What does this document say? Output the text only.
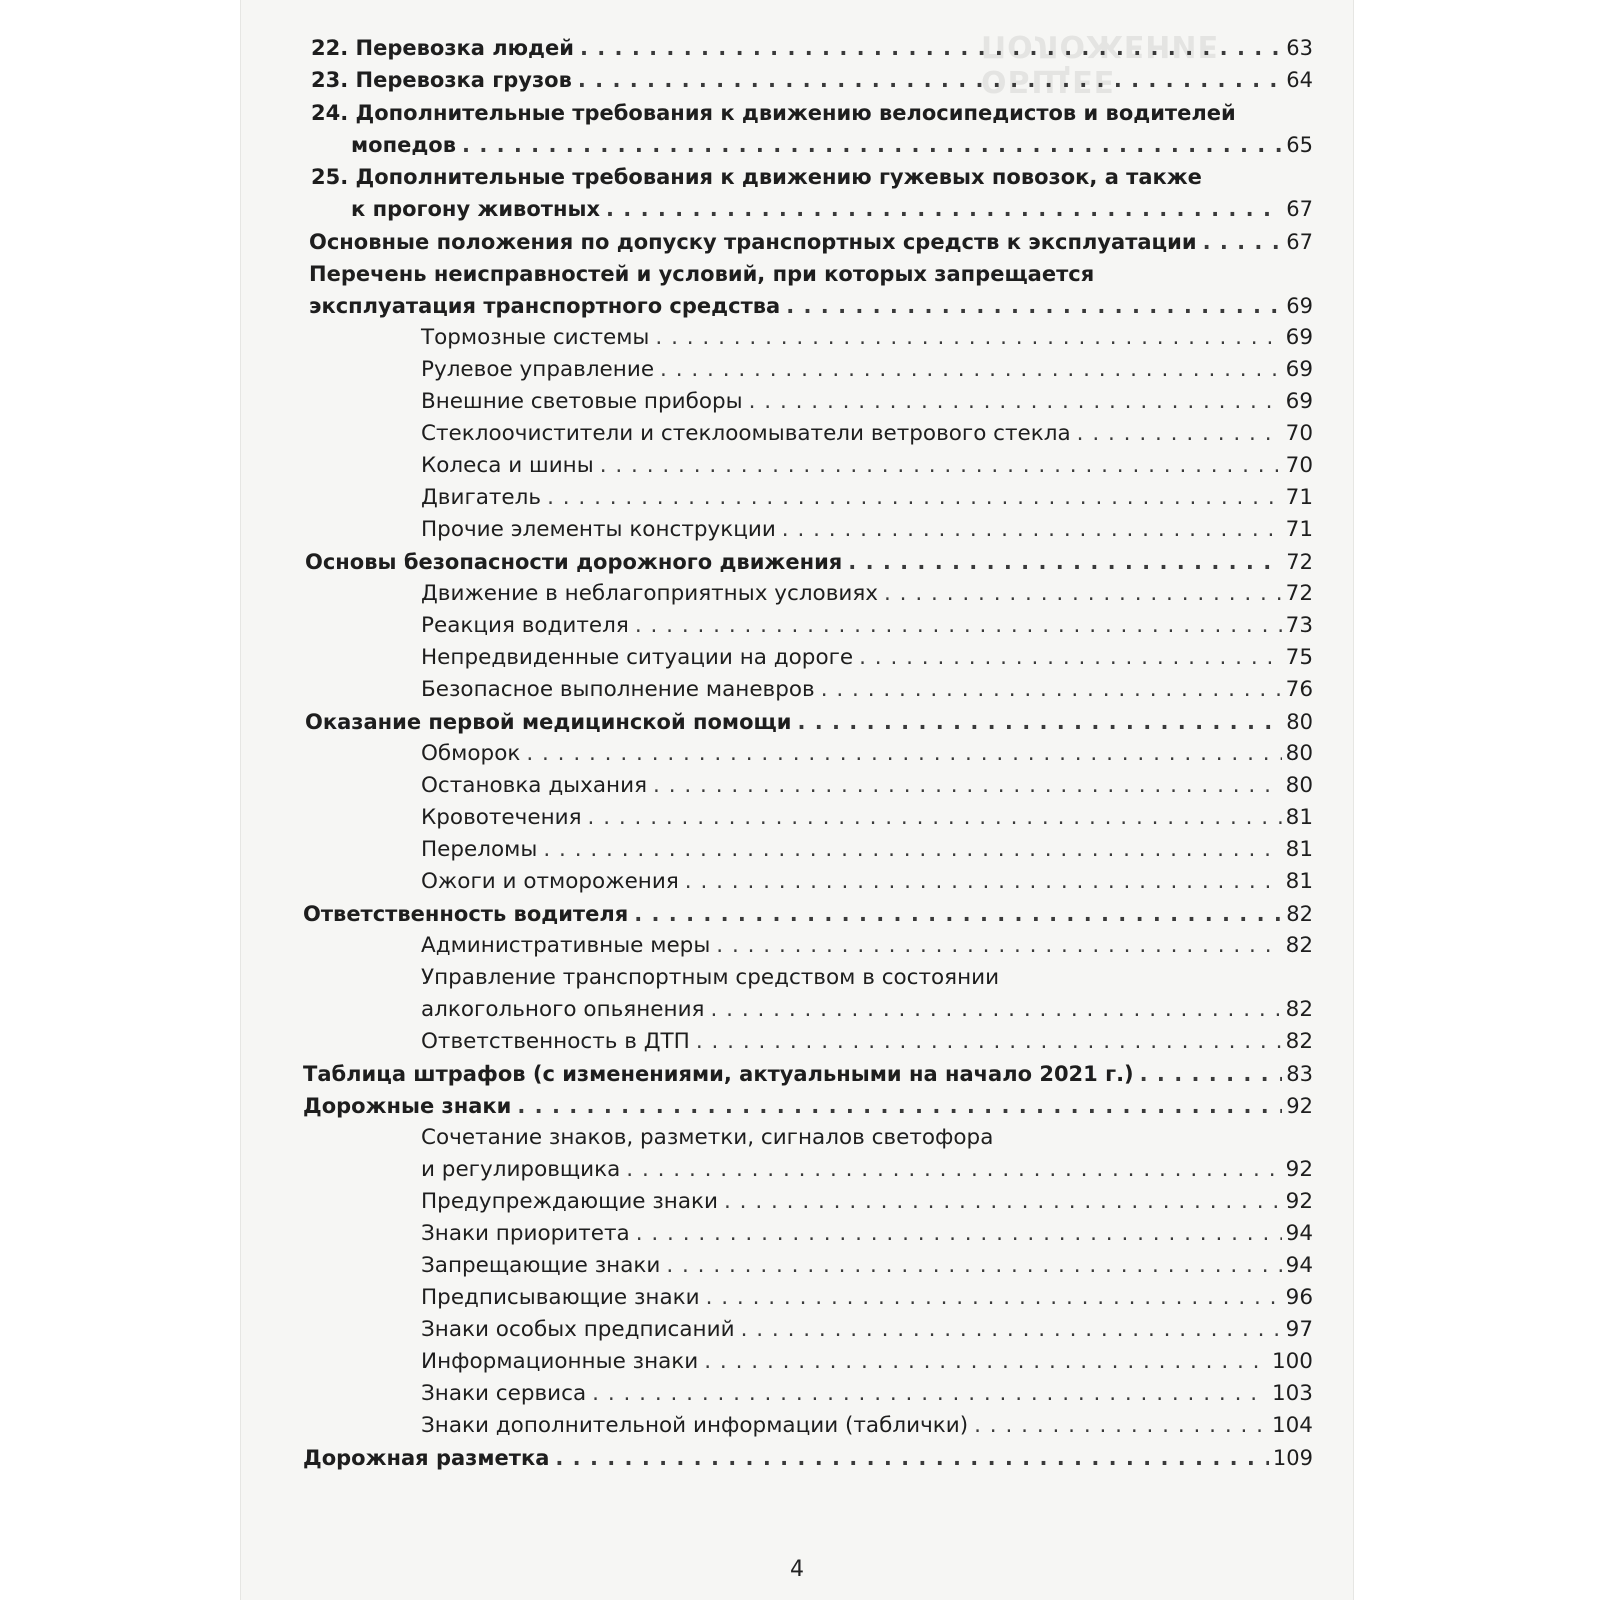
ОБЩЕЕ ПОЛОЖЕНИЕ
22. Перевозка людей . . .	63
23. Перевозка грузов . . .	64
24. Дополнительные требования к движению велосипедистов и водителей
мопедов . . .	65
25. Дополнительные требования к движению гужевых повозок, а также
к прогону животных . . .	67
Основные положения по допуску транспортных средств к эксплуатации . . .	67
Перечень неисправностей и условий, при которых запрещается
эксплуатация транспортного средства . . .	69
Тормозные системы . . .	69
Рулевое управление . . .	69
Внешние световые приборы . . .	69
Стеклоочистители и стеклоомыватели ветрового стекла . . .	70
Колеса и шины . . .	70
Двигатель . . .	71
Прочие элементы конструкции . . .	71
Основы безопасности дорожного движения . . .	72
Движение в неблагоприятных условиях . . .	72
Реакция водителя . . .	73
Непредвиденные ситуации на дороге . . .	75
Безопасное выполнение маневров . . .	76
Оказание первой медицинской помощи . . .	80
Обморок . . .	80
Остановка дыхания . . .	80
Кровотечения . . .	81
Переломы . . .	81
Ожоги и отморожения . . .	81
Ответственность водителя . . .	82
Административные меры . . .	82
Управление транспортным средством в состоянии
алкогольного опьянения . . .	82
Ответственность в ДТП . . .	82
Таблица штрафов (с изменениями, актуальными на начало 2021 г.) . . .	83
Дорожные знаки . . .	92
Сочетание знаков, разметки, сигналов светофора
и регулировщика . . .	92
Предупреждающие знаки . . .	92
Знаки приоритета . . .	94
Запрещающие знаки . . .	94
Предписывающие знаки . . .	96
Знаки особых предписаний . . .	97
Информационные знаки . . .	100
Знаки сервиса . . .	103
Знаки дополнительной информации (таблички) . . .	104
Дорожная разметка . . .	109
4
